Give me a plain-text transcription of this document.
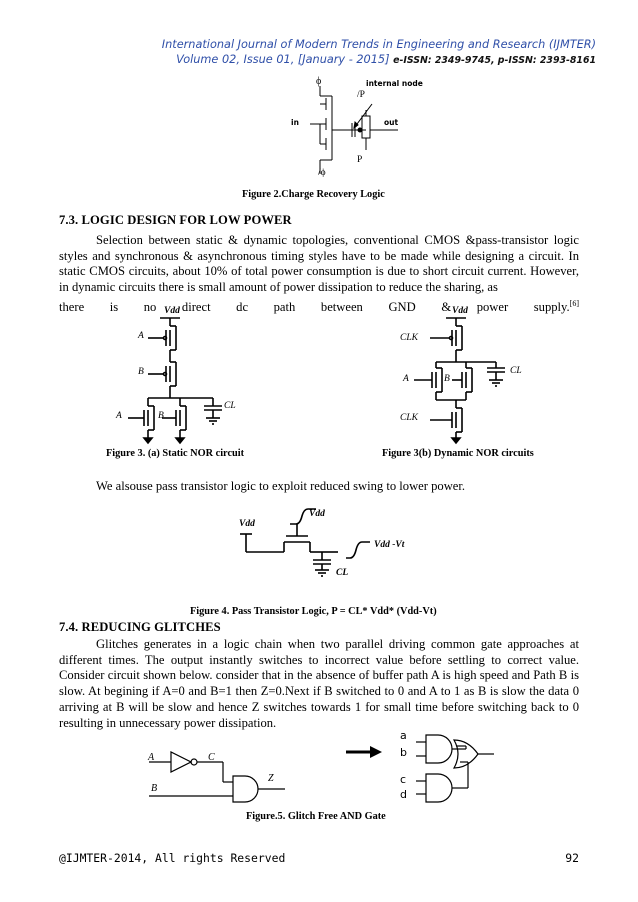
International Journal of Modern Trends in Engineering and Research (IJMTER)
Volume 02, Issue 01, [January - 2015] e-ISSN: 2349-9745, p-ISSN: 2393-8161
ϕ	internal node
/P
in	out
P
/ϕ
Figure 2.Charge Recovery Logic
7.3. LOGIC DESIGN FOR LOW POWER

Selection between static & dynamic topologies, conventional CMOS &pass-transistor logic styles and synchronous & asynchronous timing styles have to be made while designing a circuit. In static CMOS circuits, about 10% of total power consumption is due to short circuit current. However, in dynamic circuits there is small amount of power dissipation to reduce the sharing, as

there is no direct dc path between GND & power supply.[6]

Vdd
A
B
A	B
CL
Figure 3. (a) Static NOR circuit
Vdd
CLK
A	B
CLK
CL
Figure 3(b) Dynamic NOR circuits
We alsouse pass transistor logic to exploit reduced swing to lower power.
Vdd
Vdd
Vdd -Vt
CL
Figure 4. Pass Transistor Logic, P = CL* Vdd* (Vdd-Vt)
7.4. REDUCING GLITCHES

Glitches generates in a logic chain when two parallel driving common gate approaches at different times. The output instantly switches to incorrect value before settling to correct value. Consider circuit shown below. consider that in the absence of buffer path A is high speed and Path B is slow. At begining if A=0 and B=1 then Z=0.Next if B switched to 0 and A to 1 as B is slow the data 0 arriving at B will be slow and hence Z switches towards 1 for small time before switching back to 0 resulting in unnecessary power dissipation.

A	C
B
Z
a
b
c
d
Figure.5. Glitch Free AND Gate
@IJMTER-2014, All rights Reserved	92
